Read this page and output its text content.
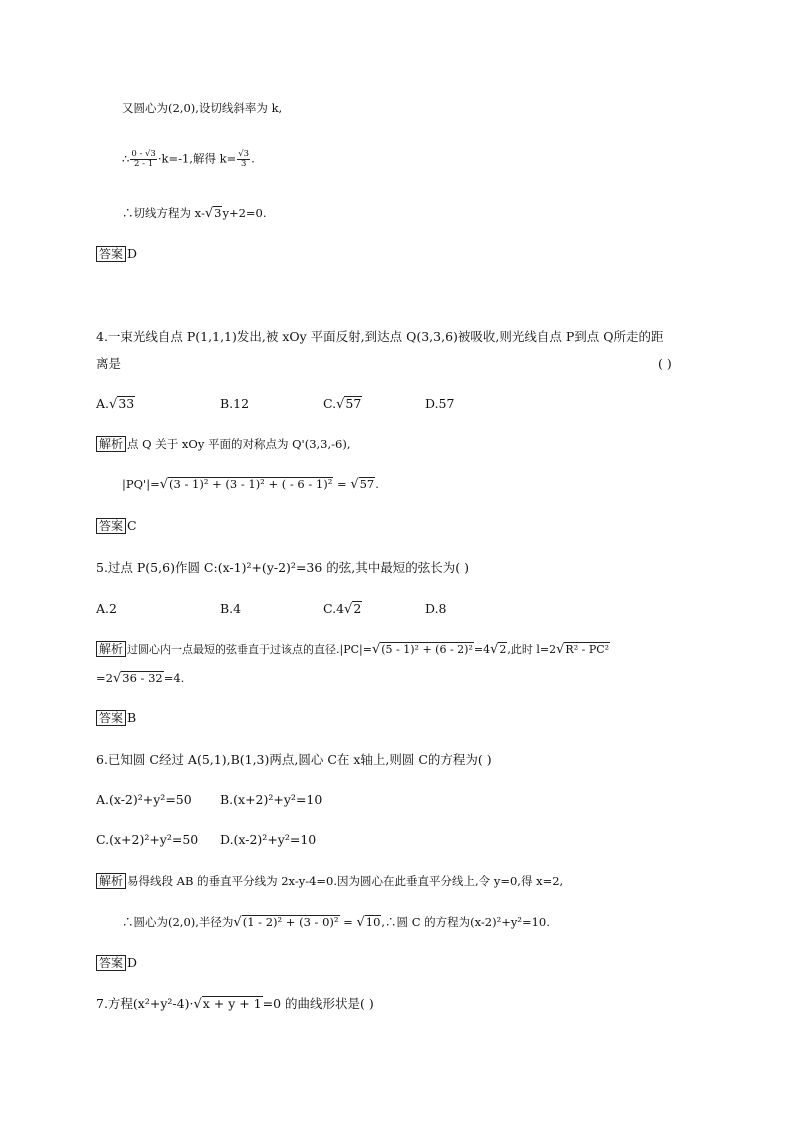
又圆心为(2,0),设切线斜率为 k,
∴ $\frac{0 - √3}{2 - 1} \cdot k=-1$,解得 $k= \frac{√3}{3}$ .
∴切线方程为 x-√3y+2=0.
答案 D
4.一束光线自点 P(1,1,1)发出,被 xOy 平面反射,到达点 Q(3,3,6)被吸收,则光线自点 P到点 Q所走的距
离是	( )
A.√33	B.12	C.√57	D.57
解析 点 Q 关于 xOy 平面的对称点为 Q'(3,3,-6),
|PQ'|=√(3 - 1)² + (3 - 1)² + ( - 6 - 1)² = √57.
答案 C
5.过点 P(5,6)作圆 C:(x-1)²+(y-2)²=36 的弦,其中最短的弦长为( )
A.2	B.4	C.4√2	D.8
解析 过圆心内一点最短的弦垂直于过该点的直径.|PC|=√(5 - 1)² + (6 - 2)²=4√2,此时 l=2√R² - PC²
=2√36 - 32=4.
答案 B
6.已知圆 C经过 A(5,1),B(1,3)两点,圆心 C在 x轴上,则圆 C的方程为( )
A.(x-2)²+y²=50 B.(x+2)²+y²=10
C.(x+2)²+y²=50 D.(x-2)²+y²=10
解析 易得线段 AB 的垂直平分线为 2x-y-4=0.因为圆心在此垂直平分线上,令 y=0,得 x=2,
∴圆心为(2,0),半径为√(1 - 2)² + (3 - 0)² = √10,∴圆 C 的方程为(x-2)²+y²=10.
答案 D
7.方程(x²+y²-4)·√x + y + 1=0 的曲线形状是( )
